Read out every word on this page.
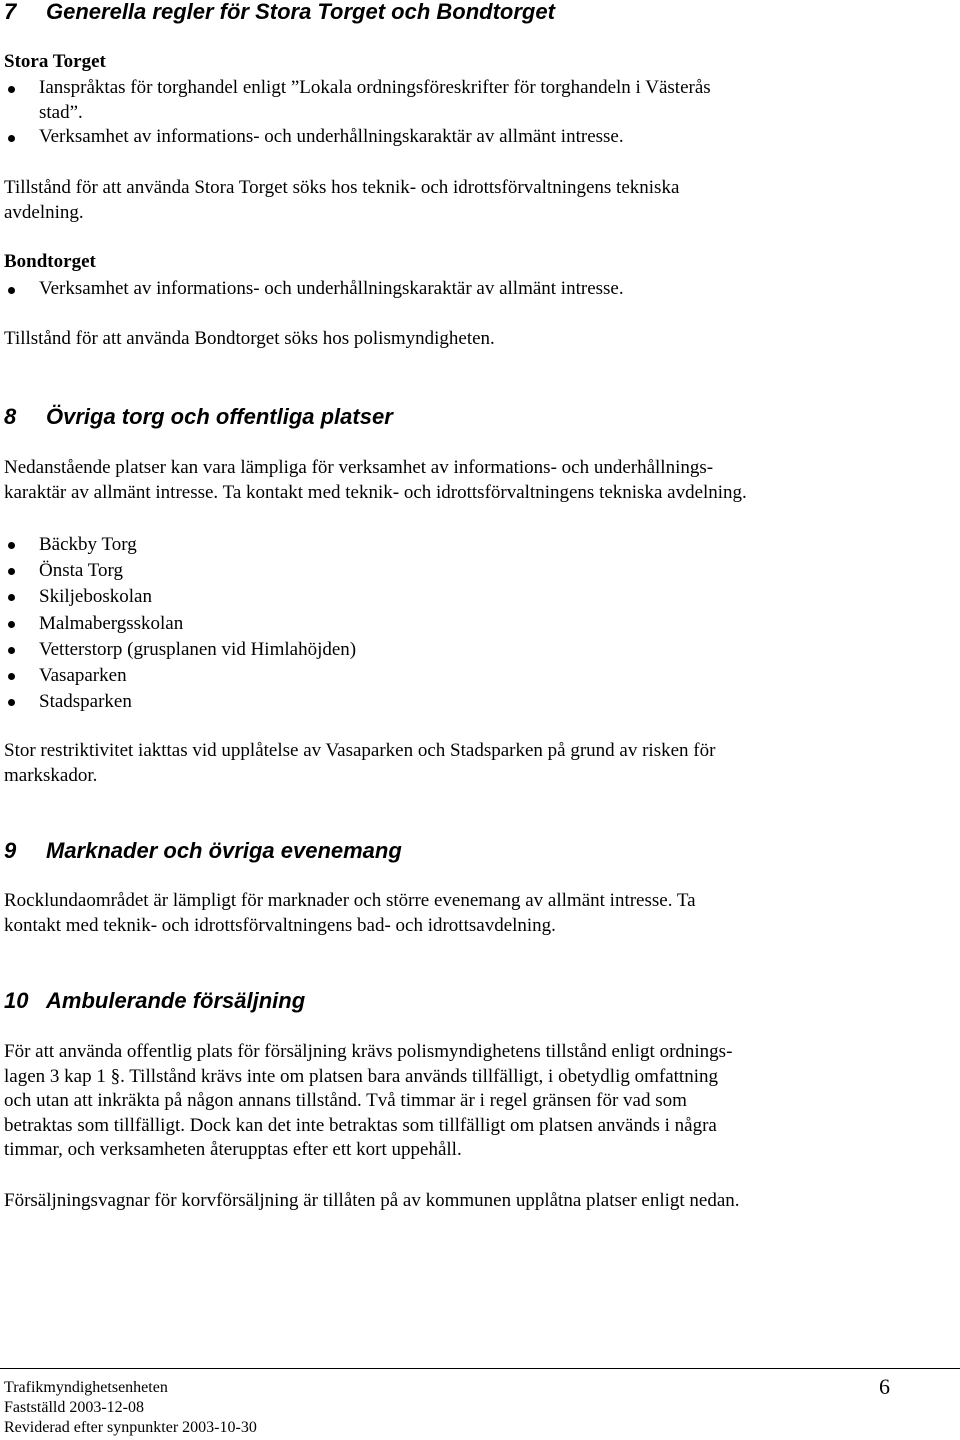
7 Generella regler för Stora Torget och Bondtorget
Stora Torget
Ianspråktas för torghandel enligt ”Lokala ordningsföreskrifter för torghandeln i Västerås
stad”.
Verksamhet av informations- och underhållningskaraktär av allmänt intresse.

Tillstånd för att använda Stora Torget söks hos teknik- och idrottsförvaltningens tekniska
avdelning.

Bondtorget
Verksamhet av informations- och underhållningskaraktär av allmänt intresse.

Tillstånd för att använda Bondtorget söks hos polismyndigheten.

8 Övriga torg och offentliga platser

Nedanstående platser kan vara lämpliga för verksamhet av informations- och underhållnings-
karaktär av allmänt intresse. Ta kontakt med teknik- och idrottsförvaltningens tekniska avdelning.

Bäckby Torg
Önsta Torg
Skiljeboskolan
Malmabergsskolan
Vetterstorp (grusplanen vid Himlahöjden)
Vasaparken
Stadsparken

Stor restriktivitet iakttas vid upplåtelse av Vasaparken och Stadsparken på grund av risken för
markskador.

9 Marknader och övriga evenemang

Rocklundaområdet är lämpligt för marknader och större evenemang av allmänt intresse. Ta
kontakt med teknik- och idrottsförvaltningens bad- och idrottsavdelning.

10 Ambulerande försäljning

För att använda offentlig plats för försäljning krävs polismyndighetens tillstånd enligt ordnings-
lagen 3 kap 1 §. Tillstånd krävs inte om platsen bara används tillfälligt, i obetydlig omfattning
och utan att inkräkta på någon annans tillstånd. Två timmar är i regel gränsen för vad som
betraktas som tillfälligt. Dock kan det inte betraktas som tillfälligt om platsen används i några
timmar, och verksamheten återupptas efter ett kort uppehåll.

Försäljningsvagnar för korvförsäljning är tillåten på av kommunen upplåtna platser enligt nedan.

Trafikmyndighetsenheten
Fastställd 2003-12-08
Reviderad efter synpunkter 2003-10-30
6
